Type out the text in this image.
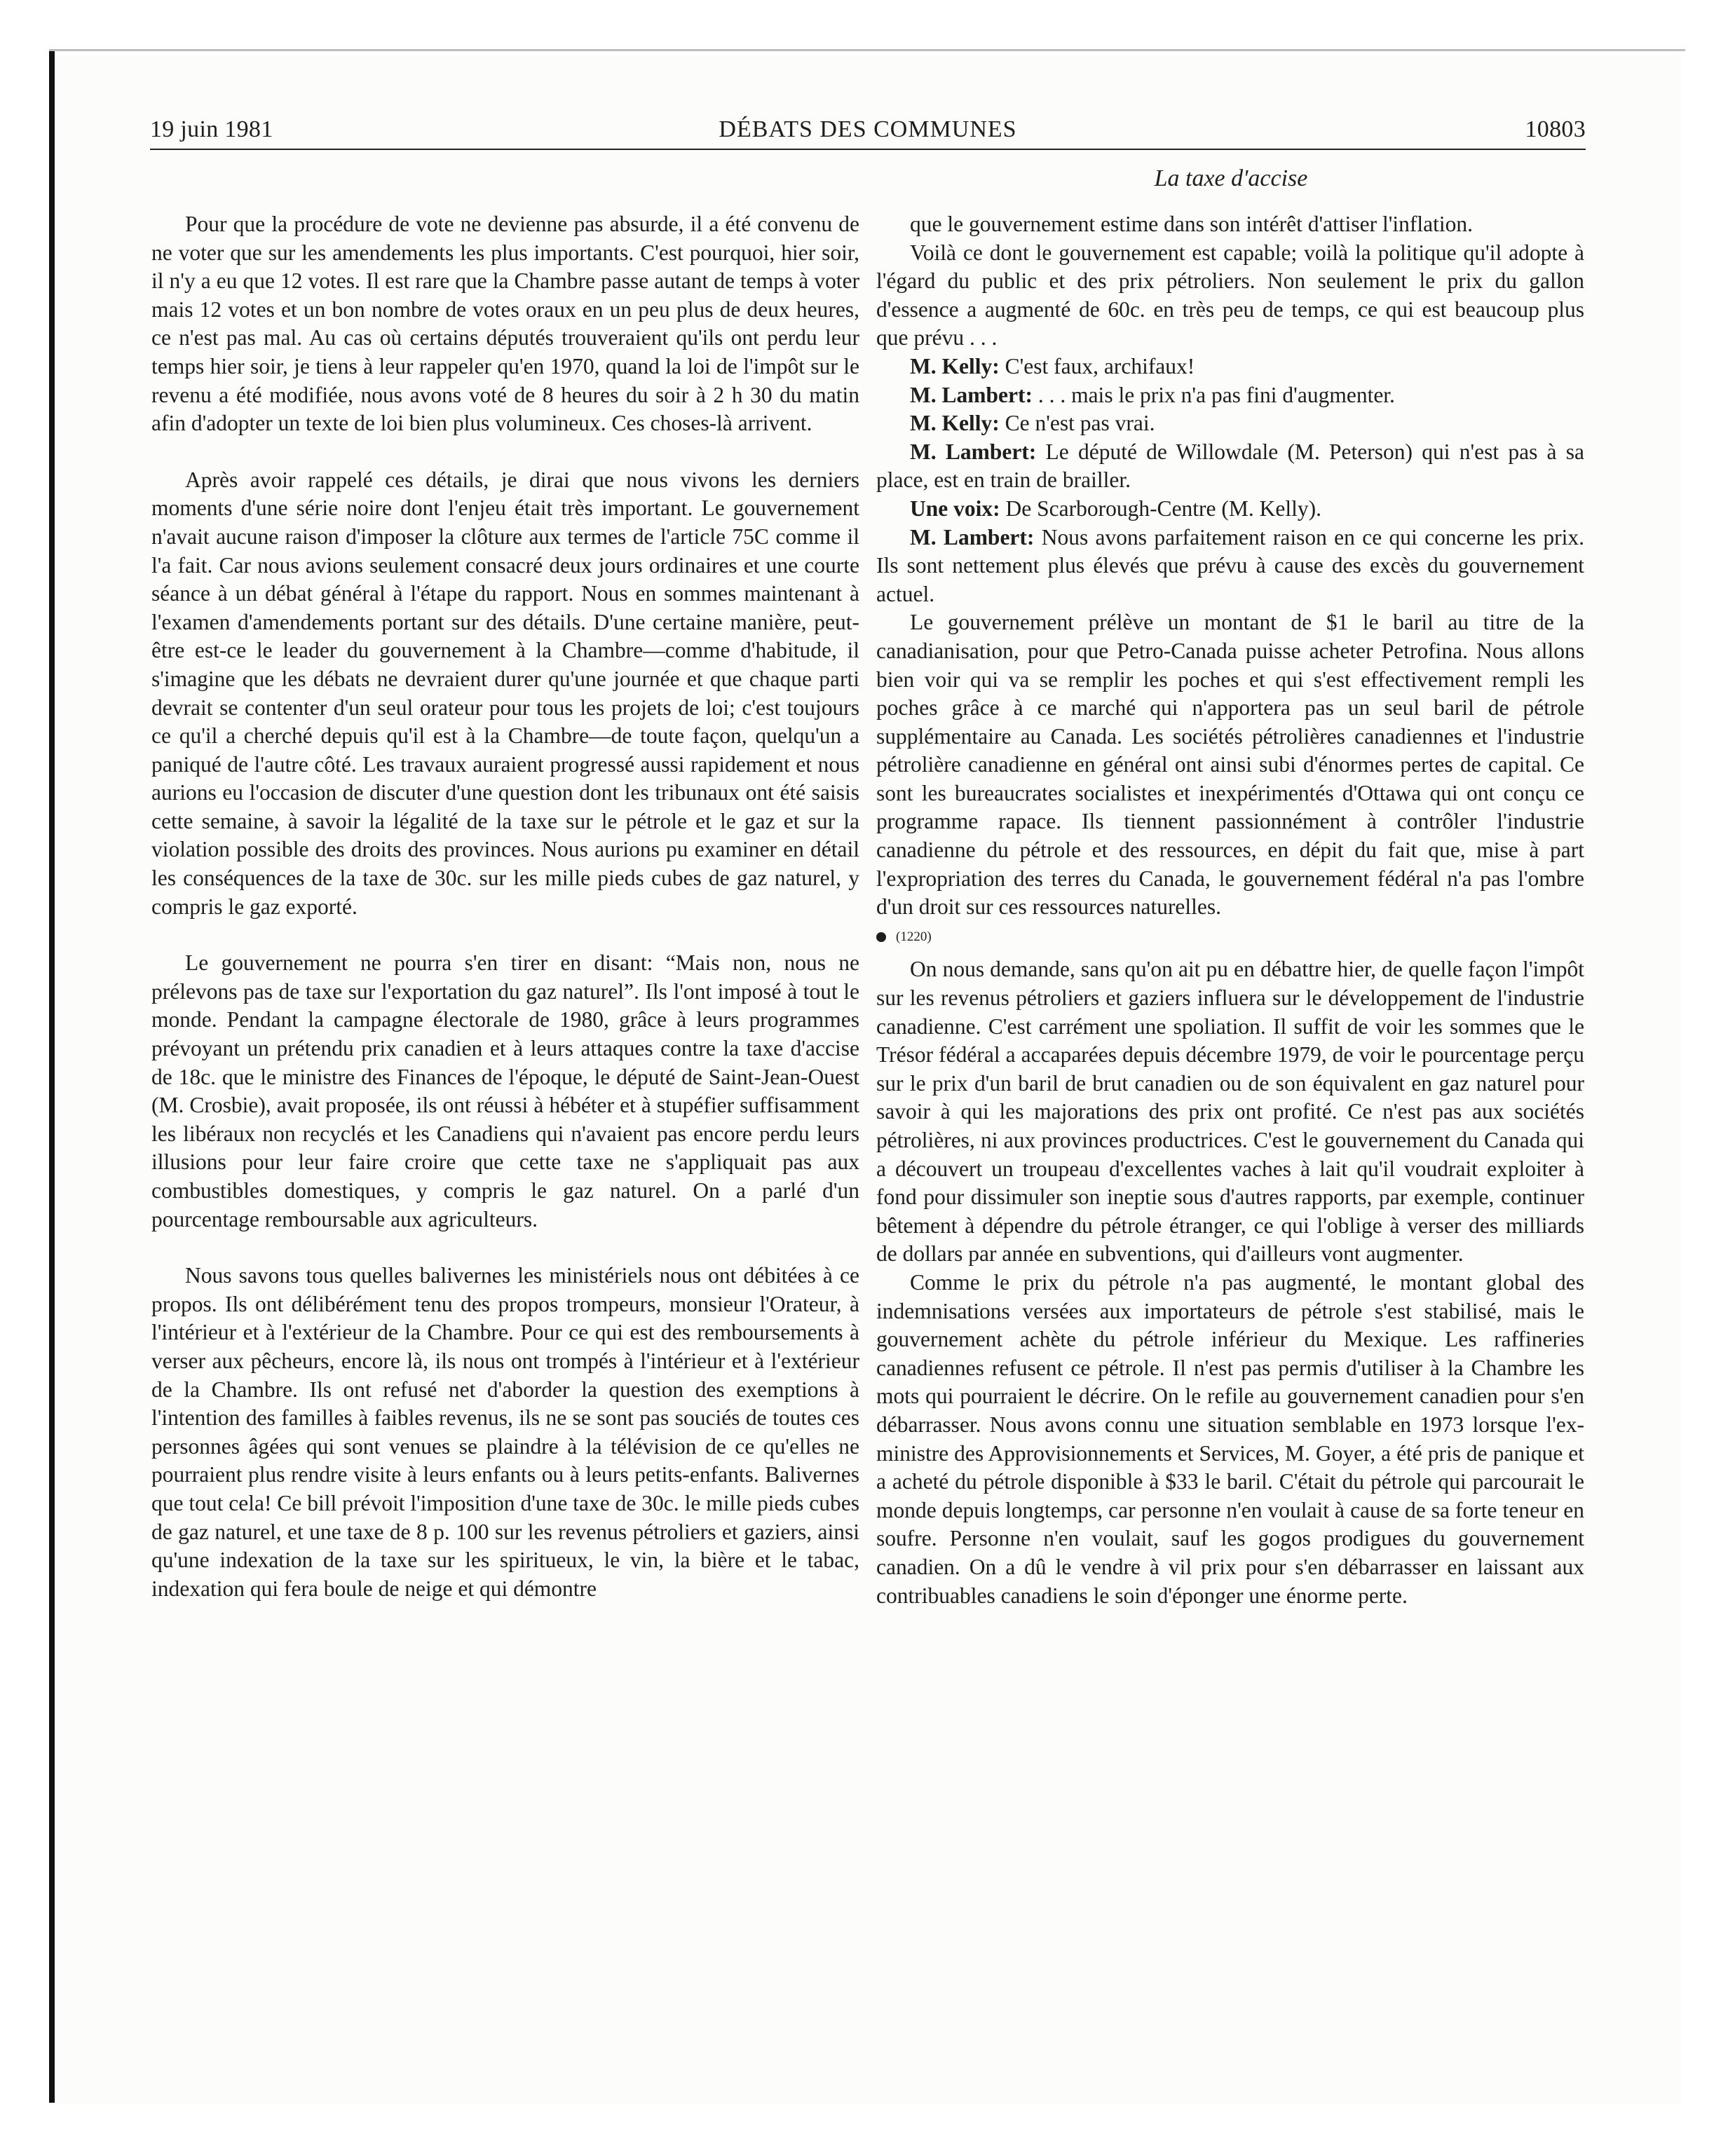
DÉBATS DES COMMUNES
19 juin 1981	10803
La taxe d'accise

Pour que la procédure de vote ne devienne pas absurde, il a été convenu de ne voter que sur les amendements les plus importants. C'est pourquoi, hier soir, il n'y a eu que 12 votes. Il est rare que la Chambre passe autant de temps à voter mais 12 votes et un bon nombre de votes oraux en un peu plus de deux heures, ce n'est pas mal. Au cas où certains députés trouveraient qu'ils ont perdu leur temps hier soir, je tiens à leur rappeler qu'en 1970, quand la loi de l'impôt sur le revenu a été modifiée, nous avons voté de 8 heures du soir à 2 h 30 du matin afin d'adopter un texte de loi bien plus volumineux. Ces choses-là arrivent.

Après avoir rappelé ces détails, je dirai que nous vivons les derniers moments d'une série noire dont l'enjeu était très important. Le gouvernement n'avait aucune raison d'imposer la clôture aux termes de l'article 75C comme il l'a fait. Car nous avions seulement consacré deux jours ordinaires et une courte séance à un débat général à l'étape du rapport. Nous en sommes maintenant à l'examen d'amendements portant sur des détails. D'une certaine manière, peut-être est-ce le leader du gouvernement à la Chambre—comme d'habitude, il s'imagine que les débats ne devraient durer qu'une journée et que chaque parti devrait se contenter d'un seul orateur pour tous les projets de loi; c'est toujours ce qu'il a cherché depuis qu'il est à la Chambre—de toute façon, quelqu'un a paniqué de l'autre côté. Les travaux auraient progressé aussi rapidement et nous aurions eu l'occasion de discuter d'une question dont les tribunaux ont été saisis cette semaine, à savoir la légalité de la taxe sur le pétrole et le gaz et sur la violation possible des droits des provinces. Nous aurions pu examiner en détail les conséquences de la taxe de 30c. sur les mille pieds cubes de gaz naturel, y compris le gaz exporté.

Le gouvernement ne pourra s'en tirer en disant: “Mais non, nous ne prélevons pas de taxe sur l'exportation du gaz naturel”. Ils l'ont imposé à tout le monde. Pendant la campagne électorale de 1980, grâce à leurs programmes prévoyant un prétendu prix canadien et à leurs attaques contre la taxe d'accise de 18c. que le ministre des Finances de l'époque, le député de Saint-Jean-Ouest (M. Crosbie), avait proposée, ils ont réussi à hébéter et à stupéfier suffisamment les libéraux non recyclés et les Canadiens qui n'avaient pas encore perdu leurs illusions pour leur faire croire que cette taxe ne s'appliquait pas aux combustibles domestiques, y compris le gaz naturel. On a parlé d'un pourcentage remboursable aux agriculteurs.

Nous savons tous quelles balivernes les ministériels nous ont débitées à ce propos. Ils ont délibérément tenu des propos trompeurs, monsieur l'Orateur, à l'intérieur et à l'extérieur de la Chambre. Pour ce qui est des remboursements à verser aux pêcheurs, encore là, ils nous ont trompés à l'intérieur et à l'extérieur de la Chambre. Ils ont refusé net d'aborder la question des exemptions à l'intention des familles à faibles revenus, ils ne se sont pas souciés de toutes ces personnes âgées qui sont venues se plaindre à la télévision de ce qu'elles ne pourraient plus rendre visite à leurs enfants ou à leurs petits-enfants. Balivernes que tout cela! Ce bill prévoit l'imposition d'une taxe de 30c. le mille pieds cubes de gaz naturel, et une taxe de 8 p. 100 sur les revenus pétroliers et gaziers, ainsi qu'une indexation de la taxe sur les spiritueux, le vin, la bière et le tabac, indexation qui fera boule de neige et qui démontre

que le gouvernement estime dans son intérêt d'attiser l'inflation.

Voilà ce dont le gouvernement est capable; voilà la politique qu'il adopte à l'égard du public et des prix pétroliers. Non seulement le prix du gallon d'essence a augmenté de 60c. en très peu de temps, ce qui est beaucoup plus que prévu . . .

M. Kelly: C'est faux, archifaux!

M. Lambert: . . . mais le prix n'a pas fini d'augmenter.

M. Kelly: Ce n'est pas vrai.

M. Lambert: Le député de Willowdale (M. Peterson) qui n'est pas à sa place, est en train de brailler.

Une voix: De Scarborough-Centre (M. Kelly).

M. Lambert: Nous avons parfaitement raison en ce qui concerne les prix. Ils sont nettement plus élevés que prévu à cause des excès du gouvernement actuel.

Le gouvernement prélève un montant de $1 le baril au titre de la canadianisation, pour que Petro-Canada puisse acheter Petrofina. Nous allons bien voir qui va se remplir les poches et qui s'est effectivement rempli les poches grâce à ce marché qui n'apportera pas un seul baril de pétrole supplémentaire au Canada. Les sociétés pétrolières canadiennes et l'industrie pétrolière canadienne en général ont ainsi subi d'énormes pertes de capital. Ce sont les bureaucrates socialistes et inexpérimentés d'Ottawa qui ont conçu ce programme rapace. Ils tiennent passionnément à contrôler l'industrie canadienne du pétrole et des ressources, en dépit du fait que, mise à part l'expropriation des terres du Canada, le gouvernement fédéral n'a pas l'ombre d'un droit sur ces ressources naturelles.

(1220)

On nous demande, sans qu'on ait pu en débattre hier, de quelle façon l'impôt sur les revenus pétroliers et gaziers influera sur le développement de l'industrie canadienne. C'est carrément une spoliation. Il suffit de voir les sommes que le Trésor fédéral a accaparées depuis décembre 1979, de voir le pourcentage perçu sur le prix d'un baril de brut canadien ou de son équivalent en gaz naturel pour savoir à qui les majorations des prix ont profité. Ce n'est pas aux sociétés pétrolières, ni aux provinces productrices. C'est le gouvernement du Canada qui a découvert un troupeau d'excellentes vaches à lait qu'il voudrait exploiter à fond pour dissimuler son ineptie sous d'autres rapports, par exemple, continuer bêtement à dépendre du pétrole étranger, ce qui l'oblige à verser des milliards de dollars par année en subventions, qui d'ailleurs vont augmenter.

Comme le prix du pétrole n'a pas augmenté, le montant global des indemnisations versées aux importateurs de pétrole s'est stabilisé, mais le gouvernement achète du pétrole inférieur du Mexique. Les raffineries canadiennes refusent ce pétrole. Il n'est pas permis d'utiliser à la Chambre les mots qui pourraient le décrire. On le refile au gouvernement canadien pour s'en débarrasser. Nous avons connu une situation semblable en 1973 lorsque l'ex-ministre des Approvisionnements et Services, M. Goyer, a été pris de panique et a acheté du pétrole disponible à $33 le baril. C'était du pétrole qui parcourait le monde depuis longtemps, car personne n'en voulait à cause de sa forte teneur en soufre. Personne n'en voulait, sauf les gogos prodigues du gouvernement canadien. On a dû le vendre à vil prix pour s'en débarrasser en laissant aux contribuables canadiens le soin d'éponger une énorme perte.
